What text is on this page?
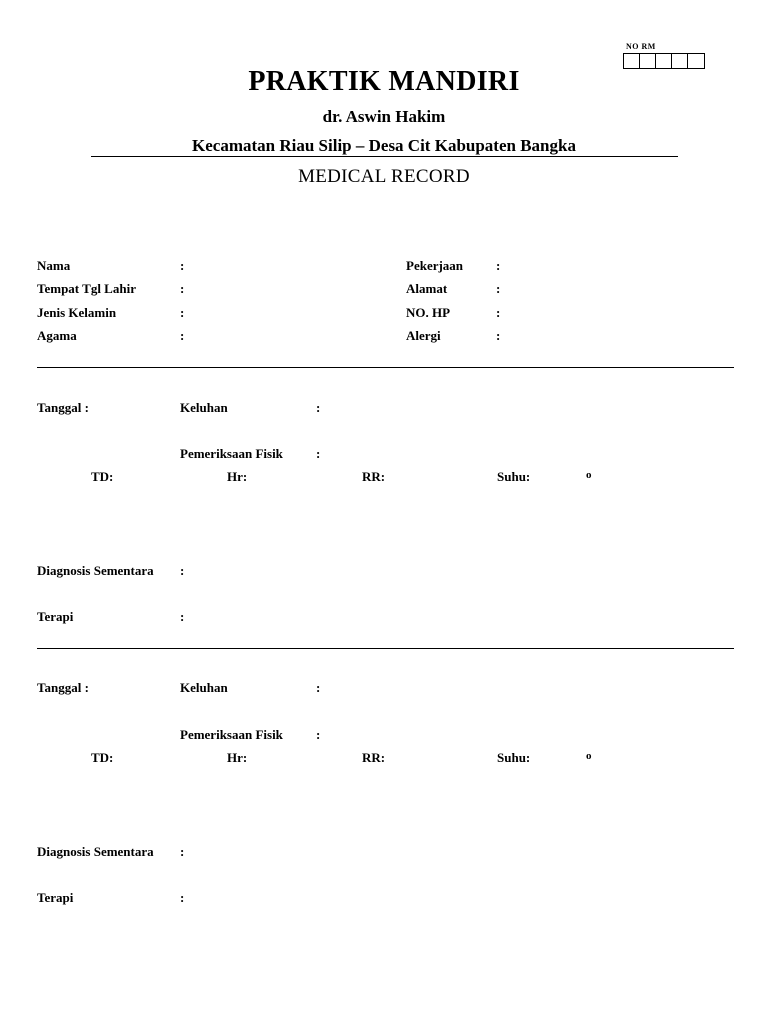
NO RM
PRAKTIK MANDIRI
dr. Aswin Hakim
Kecamatan Riau Silip – Desa Cit Kabupaten Bangka
MEDICAL RECORD
Nama	:
Tempat Tgl Lahir	:
Jenis Kelamin	:
Agama	:
Pekerjaan	:
Alamat	:
NO. HP	:
Alergi	:
Tanggal :	Keluhan	:
Pemeriksaan Fisik	:
TD:	Hr:	RR:	Suhu:	o
Diagnosis Sementara :
Terapi	:
Tanggal :	Keluhan	:
Pemeriksaan Fisik	:
TD:	Hr:	RR:	Suhu:	o
Diagnosis Sementara :
Terapi	:
